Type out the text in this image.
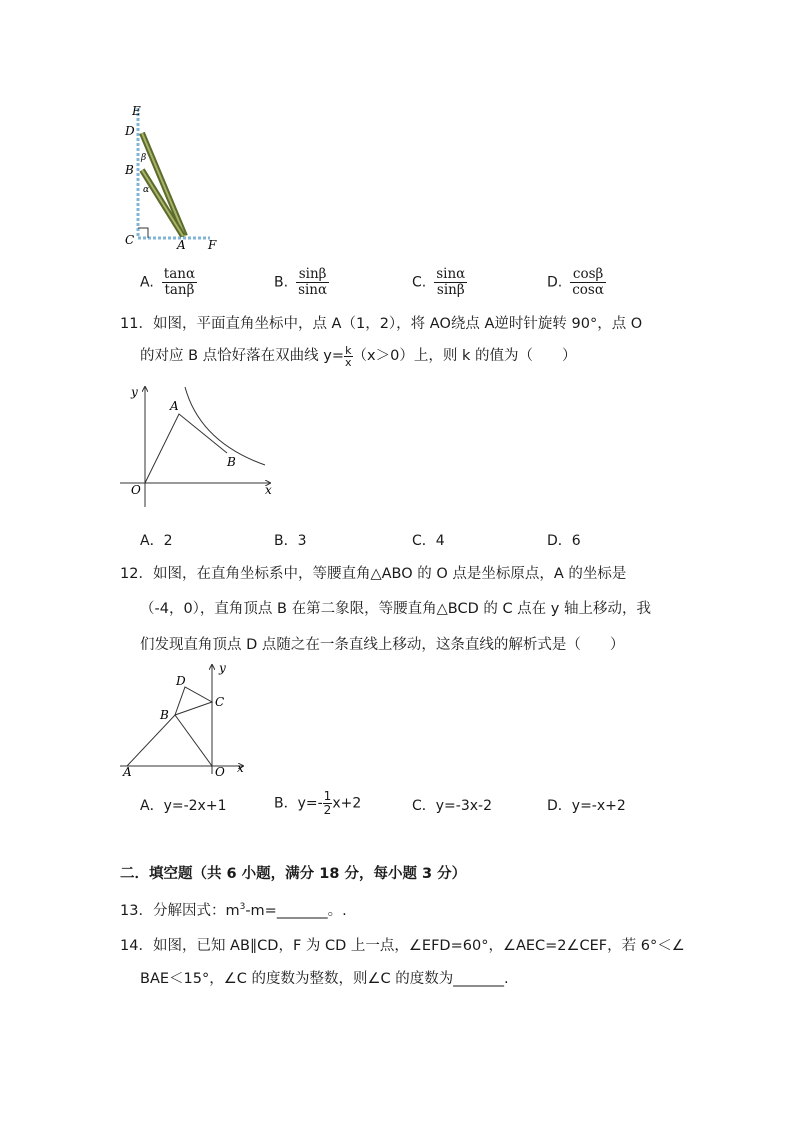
E
D
β
B
α
C	A F
A. $\frac{\tan\alpha}{\tan\beta}$	B. $\frac{\sin\beta}{\sin\alpha}$	C. $\frac{\sin\alpha}{\sin\beta}$	D. $\frac{\cos\beta}{\cos\alpha}$
11．如图，平面直角坐标中，点 A（1，2），将 AO绕点 A逆时针旋转 90°，点 O
的对应 B 点恰好落在双曲线 $y= \frac{k}{x} (x>0)$上，则 k 的值为（　　）
y
A
B
O	x
A．2	B．3	C．4	D．6
12．如图，在直角坐标系中，等腰直角△ABO 的 O 点是坐标原点，A 的坐标是
（-4，0），直角顶点 B 在第二象限，等腰直角△BCD 的 C 点在 y 轴上移动，我
们发现直角顶点 D 点随之在一条直线上移动，这条直线的解析式是（　　）
y
D
C
B
A	O x
A．y=-2x+1	B．$y=- \frac{1}{2} x+2$	C．y=-3x-2	D．y=-x+2
二．填空题（共 6 小题，满分 18 分，每小题 3 分）
13．分解因式：$m^3-m=\_\_\_\_\_\_\_$。.
14．如图，已知 AB∥CD，F 为 CD 上一点，∠EFD=60°，∠AEC=2∠CEF，若 6°＜∠
BAE＜15°，∠C 的度数为整数，则∠C 的度数为_______.
